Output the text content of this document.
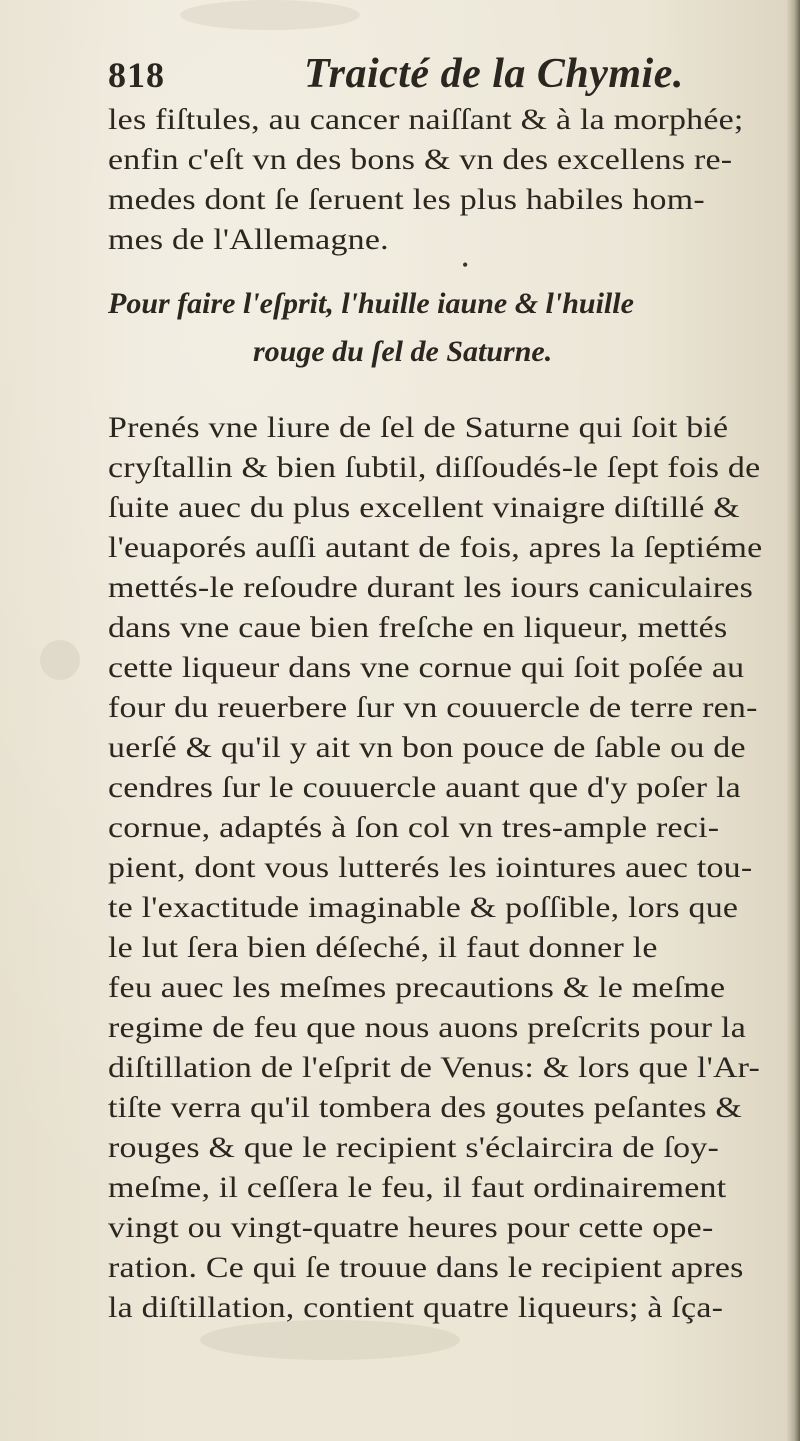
818	Traicté de la Chymie.
les fiſtules, au cancer naiſſant & à la morphée;
enfin c'eſt vn des bons & vn des excellens re-
medes dont ſe ſeruent les plus habiles hom-
mes de l'Allemagne.
•
Pour faire l'eſprit, l'huille iaune & l'huille
rouge du ſel de Saturne.
Prenés vne liure de ſel de Saturne qui ſoit bié
cryſtallin & bien ſubtil, diſſoudés-le ſept fois de
ſuite auec du plus excellent vinaigre diſtillé &
l'euaporés auſſi autant de fois, apres la ſeptiéme
mettés-le reſoudre durant les iours caniculaires
dans vne caue bien freſche en liqueur, mettés
cette liqueur dans vne cornue qui ſoit poſée au
four du reuerbere ſur vn couuercle de terre ren-
uerſé & qu'il y ait vn bon pouce de ſable ou de
cendres ſur le couuercle auant que d'y poſer la
cornue, adaptés à ſon col vn tres-ample reci-
pient, dont vous lutterés les iointures auec tou-
te l'exactitude imaginable & poſſible, lors que
le lut ſera bien déſeché, il faut donner le
feu auec les meſmes precautions & le meſme
regime de feu que nous auons preſcrits pour la
diſtillation de l'eſprit de Venus: & lors que l'Ar-
tiſte verra qu'il tombera des goutes peſantes &
rouges & que le recipient s'éclaircira de ſoy-
meſme, il ceſſera le feu, il faut ordinairement
vingt ou vingt-quatre heures pour cette ope-
ration. Ce qui ſe trouue dans le recipient apres
la diſtillation, contient quatre liqueurs; à ſça-
